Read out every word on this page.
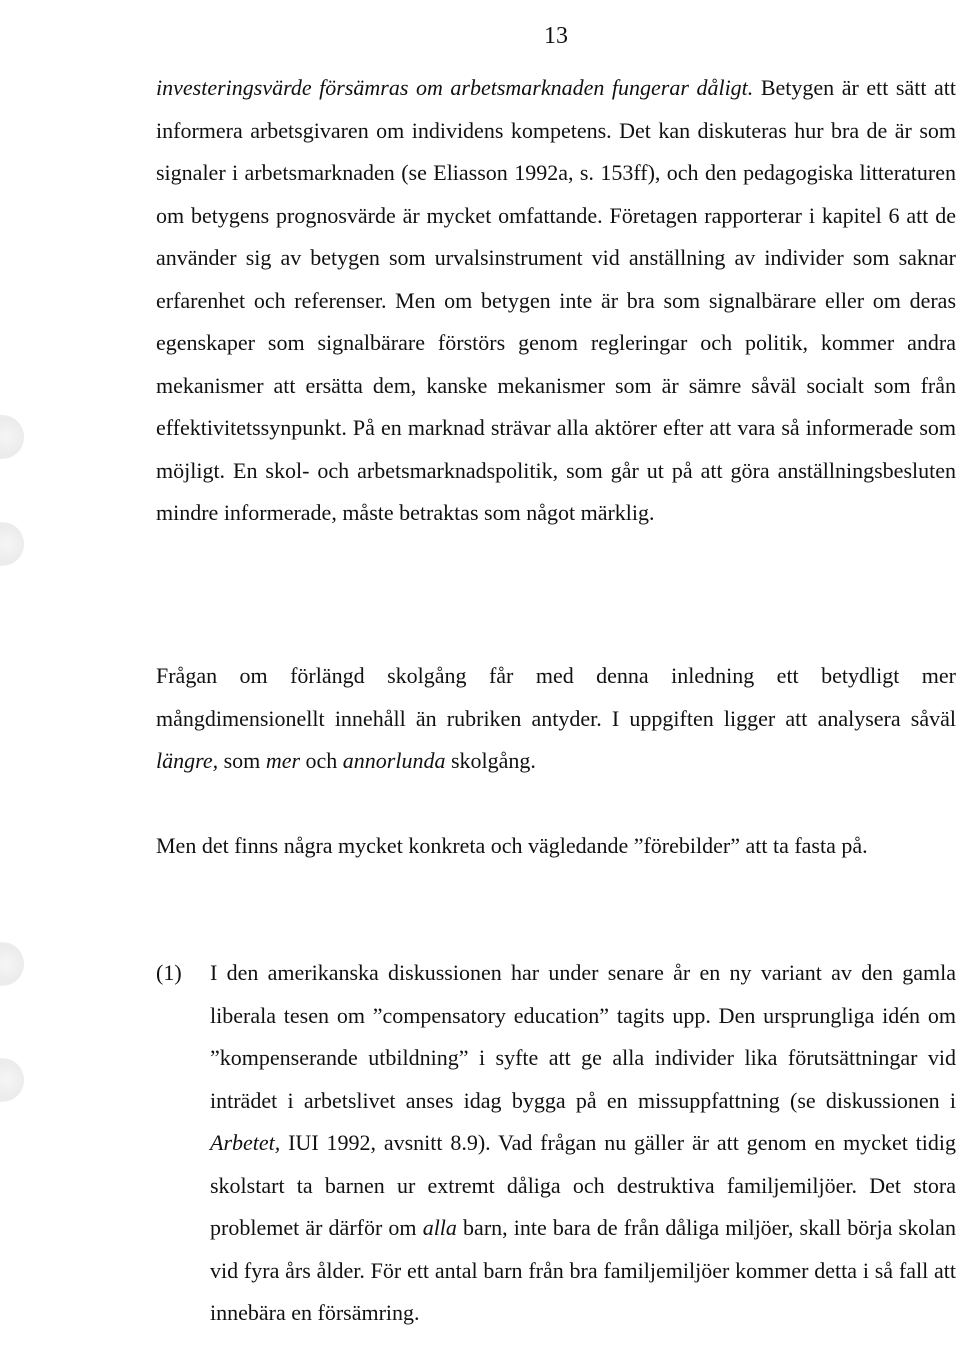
13

investeringsvärde försämras om arbetsmarknaden fungerar dåligt. Betygen är ett sätt att informera arbetsgivaren om individens kompetens. Det kan diskuteras hur bra de är som signaler i arbetsmarknaden (se Eliasson 1992a, s. 153ff), och den pedagogiska litteraturen om betygens prognosvärde är mycket omfattande. Företagen rapporterar i kapitel 6 att de använder sig av betygen som urvalsinstrument vid anställning av individer som saknar erfarenhet och referenser. Men om betygen inte är bra som signalbärare eller om deras egenskaper som signalbärare förstörs genom regleringar och politik, kommer andra mekanismer att ersätta dem, kanske mekanismer som är sämre såväl socialt som från effektivitetssynpunkt. På en marknad strävar alla aktörer efter att vara så informerade som möjligt. En skol- och arbetsmarknadspolitik, som går ut på att göra anställningsbesluten mindre informerade, måste betraktas som något märklig.

Frågan om förlängd skolgång får med denna inledning ett betydligt mer mångdimensionellt innehåll än rubriken antyder. I uppgiften ligger att analysera såväl längre, som mer och annorlunda skolgång.

Men det finns några mycket konkreta och vägledande ”förebilder” att ta fasta på.

(1) I den amerikanska diskussionen har under senare år en ny variant av den gamla liberala tesen om ”compensatory education” tagits upp. Den ursprungliga idén om ”kompenserande utbildning” i syfte att ge alla individer lika förutsättningar vid inträdet i arbetslivet anses idag bygga på en missuppfattning (se diskussionen i Arbetet, IUI 1992, avsnitt 8.9). Vad frågan nu gäller är att genom en mycket tidig skolstart ta barnen ur extremt dåliga och destruktiva familjemiljöer. Det stora problemet är därför om alla barn, inte bara de från dåliga miljöer, skall börja skolan vid fyra års ålder. För ett antal barn från bra familjemiljöer kommer detta i så fall att innebära en försämring.
